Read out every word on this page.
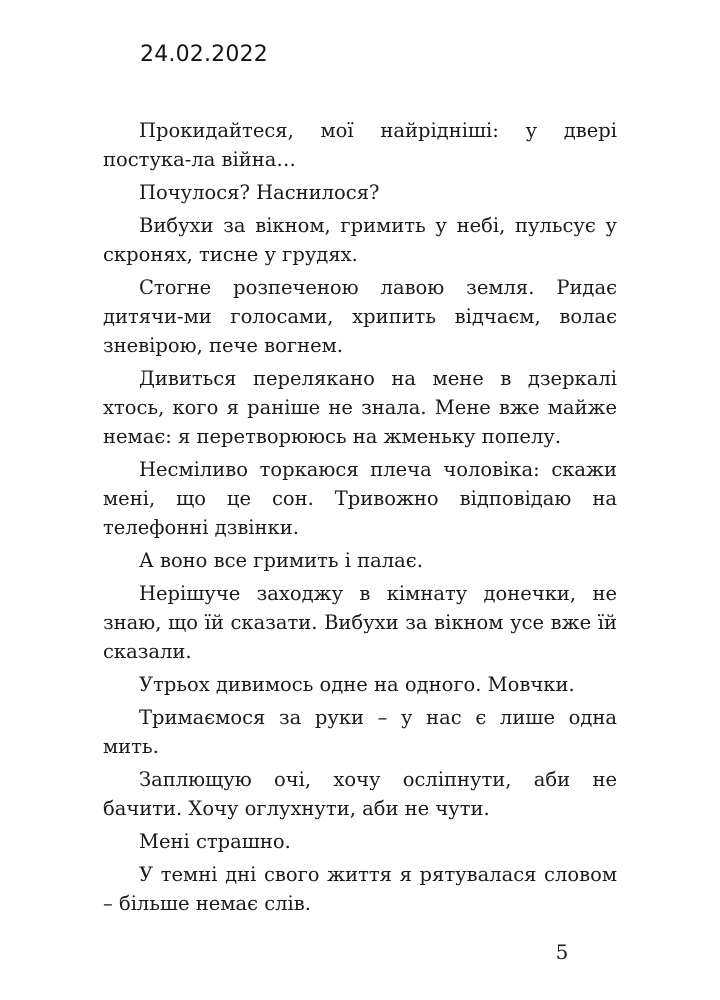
24.02.2022

Прокидайтеся, мої найрідніші: у двері постука-ла війна…

Почулося? Наснилося?

Вибухи за вікном, гримить у небі, пульсує у скронях, тисне у грудях.

Стогне розпеченою лавою земля. Ридає дитячи-ми голосами, хрипить відчаєм, волає зневірою, пече вогнем.

Дивиться перелякано на мене в дзеркалі хтось, кого я раніше не знала. Мене вже майже немає: я перетворююсь на жменьку попелу.

Несміливо торкаюся плеча чоловіка: скажи мені, що це сон. Тривожно відповідаю на телефонні дзвінки.

А воно все гримить і палає.

Нерішуче заходжу в кімнату донечки, не знаю, що їй сказати. Вибухи за вікном усе вже їй сказали.

Утрьох дивимось одне на одного. Мовчки.

Тримаємося за руки – у нас є лише одна мить.

Заплющую очі, хочу осліпнути, аби не бачити. Хочу оглухнути, аби не чути.

Мені страшно.

У темні дні свого життя я рятувалася словом – більше немає слів.

5
